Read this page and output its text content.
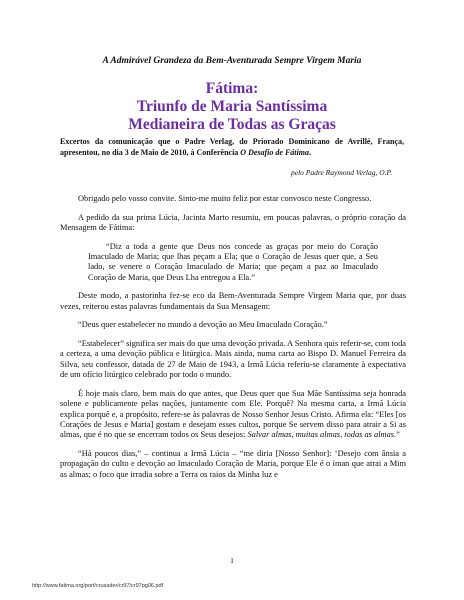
A Admirável Grandeza da Bem-Aventurada Sempre Virgem Maria
Fátima:
Triunfo de Maria Santíssima
Medianeira de Todas as Graças
Excertos da comunicação que o Padre Verlag, do Priorado Dominicano de Avrillé, França, apresentou, no dia 3 de Maio de 2010, à Conferência O Desafio de Fátima.
pelo Padre Raymond Verlag, O.P.

Obrigado pelo vosso convite. Sinto-me muito feliz por estar convosco neste Congresso.

A pedido da sua prima Lúcia, Jacinta Marto resumiu, em poucas palavras, o próprio coração da Mensagem de Fátima:

“Diz a toda a gente que Deus nos concede as graças por meio do Coração Imaculado de Maria; que lhas peçam a Ela; que o Coração de Jesus quer que, a Seu lado, se venere o Coração Imaculado de Maria; que peçam a paz ao Imaculado Coração de Maria, que Deus Lha entregou a Ela.”

Deste modo, a pastorinha fez-se eco da Bem-Aventurada Sempre Virgem Maria que, por duas vezes, reiterou estas palavras fundamentais da Sua Mensagem:

“Deus quer estabelecer no mundo a devoção ao Meu Imaculado Coração.”

“Estabelecer” significa ser mais do que uma devoção privada. A Senhora quis referir-se, com toda a certeza, a uma devoção pública e litúrgica. Mais ainda, numa carta ao Bispo D. Manuel Ferreira da Silva, seu confessor, datada de 27 de Maio de 1943, a Irmã Lúcia referiu-se claramente à expectativa de um ofício litúrgico celebrado por todo o mundo.

É hoje mais claro, bem mais do que antes, que Deus quer que Sua Mãe Santíssima seja honrada solene e publicamente pelas nações, juntamente com Ele. Porquê? Na mesma carta, a Irmã Lúcia explica porquê e, a propósito, refere-se às palavras de Nosso Senhor Jesus Cristo. Afirma ela: “Eles [os Corações de Jesus e Maria] gostam e desejam esses cultos, porque Se servem disso para atrair a Si as almas, que é no que se encerram todos os Seus desejos: Salvar almas, muitas almas, todas as almas.”

“Há poucos dias,” – continua a Irmã Lúcia – “me diria [Nosso Senhor]: ‘Desejo com ânsia a propagação do culto e devoção ao Imaculado Coração de Maria, porque Ele é o íman que atrai a Mim as almas; o foco que irradia sobre a Terra os raios da Minha luz e

1
http://www.fatima.org/port/crusader/cr97/cr97pg06.pdf
